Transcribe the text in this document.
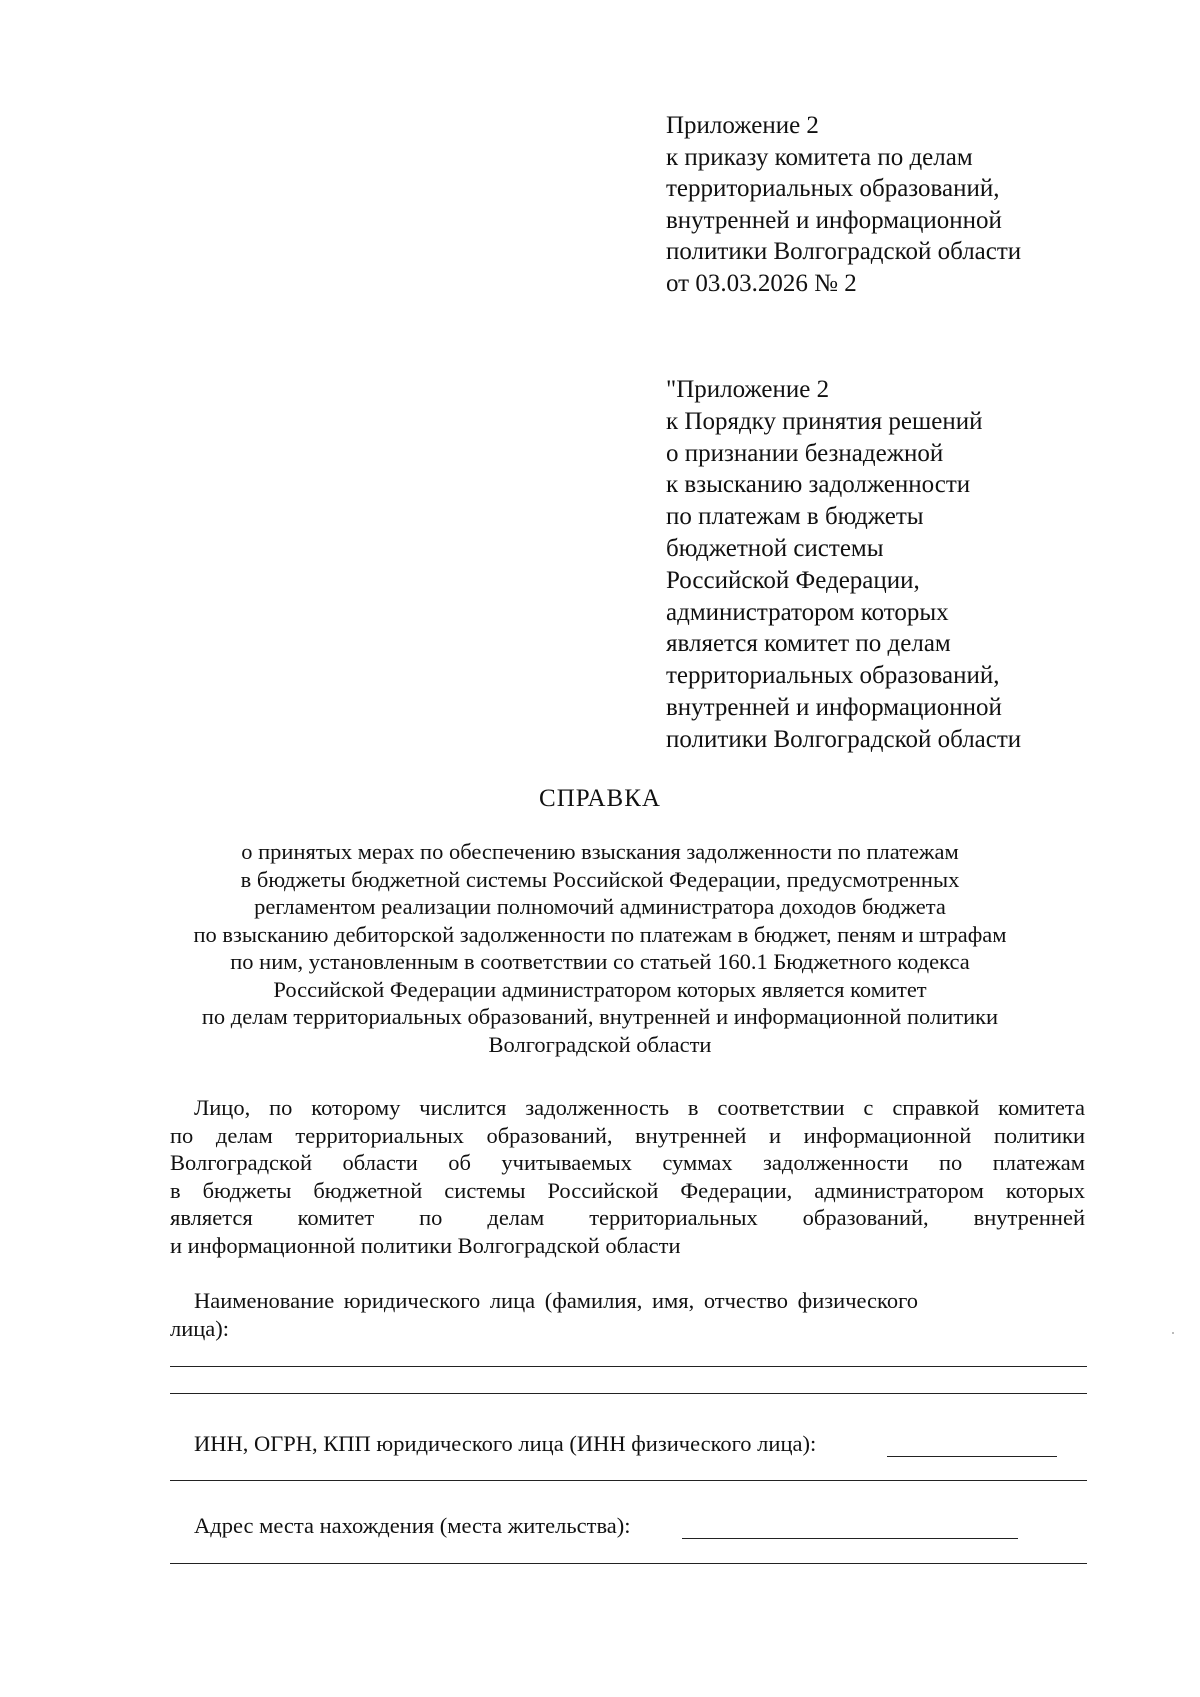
Приложение 2
к приказу комитета по делам
территориальных образований,
внутренней и информационной
политики Волгоградской области
от 03.03.2026 № 2
"Приложение 2
к Порядку принятия решений
о признании безнадежной
к взысканию задолженности
по платежам в бюджеты
бюджетной системы
Российской Федерации,
администратором которых
является комитет по делам
территориальных образований,
внутренней и информационной
политики Волгоградской области
СПРАВКА
о принятых мерах по обеспечению взыскания задолженности по платежам
в бюджеты бюджетной системы Российской Федерации, предусмотренных
регламентом реализации полномочий администратора доходов бюджета
по взысканию дебиторской задолженности по платежам в бюджет, пеням и штрафам
по ним, установленным в соответствии со статьей 160.1 Бюджетного кодекса
Российской Федерации администратором которых является комитет
по делам территориальных образований, внутренней и информационной политики
Волгоградской области
Лицо, по которому числится задолженность в соответствии с справкой комитета
по делам территориальных образований, внутренней и информационной политики
Волгоградской области об учитываемых суммах задолженности по платежам
в бюджеты бюджетной системы Российской Федерации, администратором которых
является комитет по делам территориальных образований, внутренней
и информационной политики Волгоградской области
Наименование юридического лица (фамилия, имя, отчество физического
лица):
ИНН, ОГРН, КПП юридического лица (ИНН физического лица):
Адрес места нахождения (места жительства):
